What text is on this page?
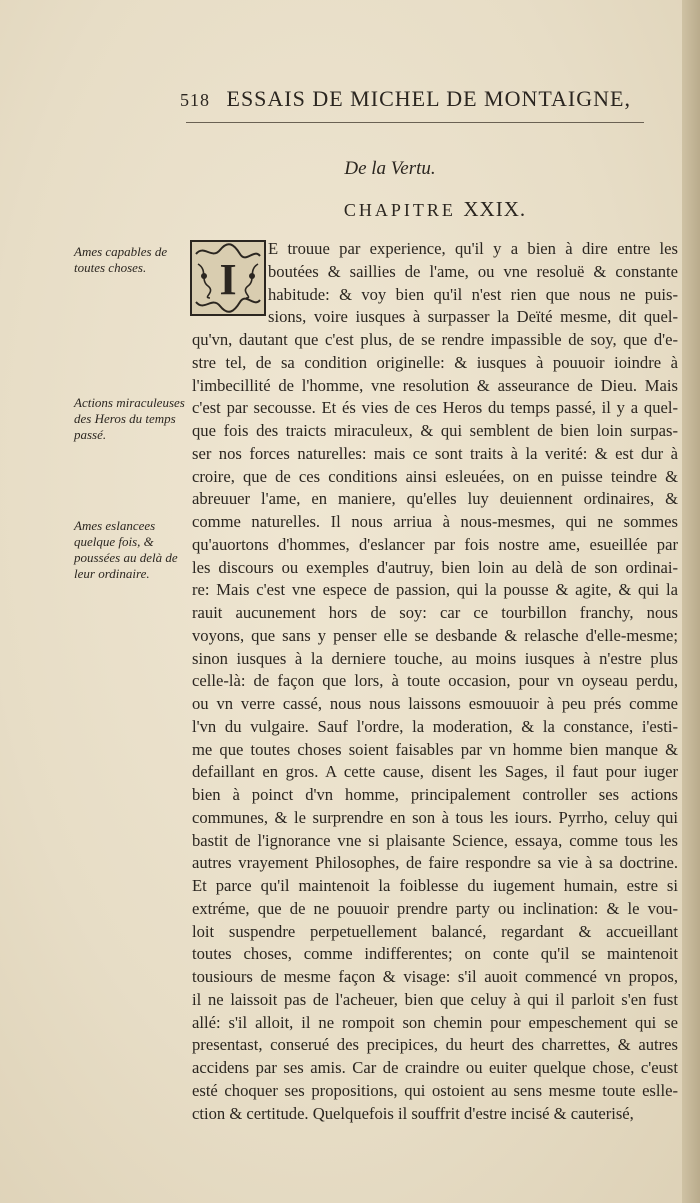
518 ESSAIS DE MICHEL DE MONTAIGNE,
De la Vertu.
CHAPITRE XXIX.
Ames capables de toutes choses.
Actions miraculeuses des Heros du temps passé.
Ames eslancees quelque fois, & poussées au delà de leur ordinaire.
I
E trouue par experience, qu'il y a bien à dire entre les
boutées & saillies de l'ame, ou vne resoluë & constante
habitude: & voy bien qu'il n'est rien que nous ne puis-
sions, voire iusques à surpasser la Deïté mesme, dit quel-
qu'vn, dautant que c'est plus, de se rendre impassible de soy, que d'e-
stre tel, de sa condition originelle: & iusques à pouuoir ioindre à
l'imbecillité de l'homme, vne resolution & asseurance de Dieu. Mais
c'est par secousse. Et és vies de ces Heros du temps passé, il y a quel-
que fois des traicts miraculeux, & qui semblent de bien loin surpas-
ser nos forces naturelles: mais ce sont traits à la verité: & est dur à
croire, que de ces conditions ainsi esleuées, on en puisse teindre &
abreuuer l'ame, en maniere, qu'elles luy deuiennent ordinaires, &
comme naturelles. Il nous arriua à nous-mesmes, qui ne sommes
qu'auortons d'hommes, d'eslancer par fois nostre ame, esueillée par
les discours ou exemples d'autruy, bien loin au delà de son ordinai-
re: Mais c'est vne espece de passion, qui la pousse & agite, & qui la
rauit aucunement hors de soy: car ce tourbillon franchy, nous
voyons, que sans y penser elle se desbande & relasche d'elle-mesme;
sinon iusques à la derniere touche, au moins iusques à n'estre plus
celle-là: de façon que lors, à toute occasion, pour vn oyseau perdu,
ou vn verre cassé, nous nous laissons esmouuoir à peu prés comme
l'vn du vulgaire. Sauf l'ordre, la moderation, & la constance, i'esti-
me que toutes choses soient faisables par vn homme bien manque &
defaillant en gros. A cette cause, disent les Sages, il faut pour iuger
bien à poinct d'vn homme, principalement controller ses actions
communes, & le surprendre en son à tous les iours. Pyrrho, celuy qui
bastit de l'ignorance vne si plaisante Science, essaya, comme tous les
autres vrayement Philosophes, de faire respondre sa vie à sa doctrine.
Et parce qu'il maintenoit la foiblesse du iugement humain, estre si
extréme, que de ne pouuoir prendre party ou inclination: & le vou-
loit suspendre perpetuellement balancé, regardant & accueillant
toutes choses, comme indifferentes; on conte qu'il se maintenoit
tousiours de mesme façon & visage: s'il auoit commencé vn propos,
il ne laissoit pas de l'acheuer, bien que celuy à qui il parloit s'en fust
allé: s'il alloit, il ne rompoit son chemin pour empeschement qui se
presentast, conserué des precipices, du heurt des charrettes, & autres
accidens par ses amis. Car de craindre ou euiter quelque chose, c'eust
esté choquer ses propositions, qui ostoient au sens mesme toute eslle-
ction & certitude. Quelquefois il souffrit d'estre incisé & cauterisé,
